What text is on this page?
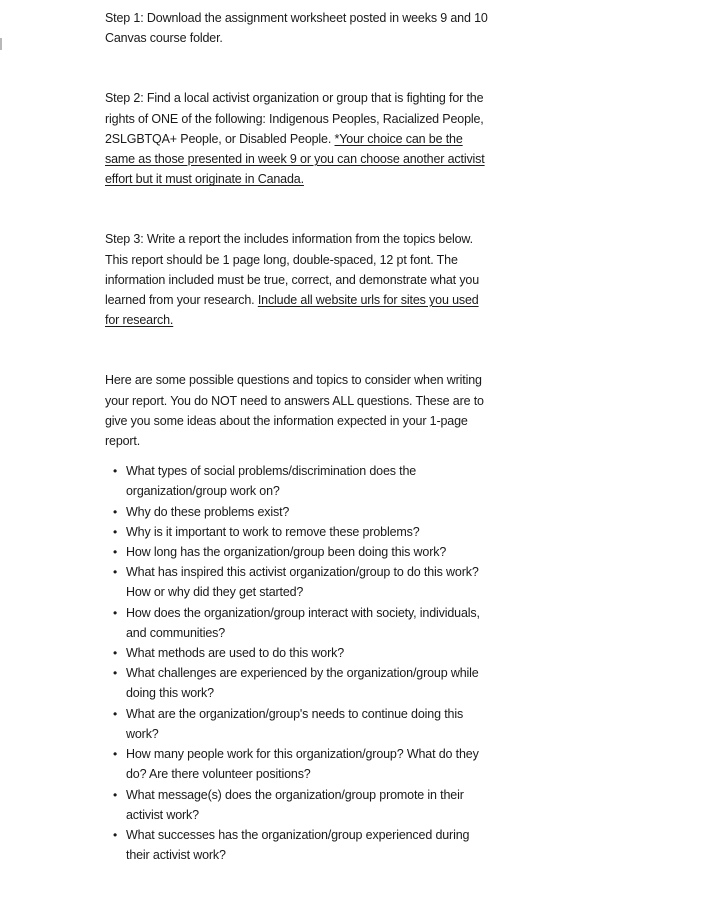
Step 1: Download the assignment worksheet posted in weeks 9 and 10 Canvas course folder.

Step 2: Find a local activist organization or group that is fighting for the rights of ONE of the following: Indigenous Peoples, Racialized People, 2SLGBTQA+ People, or Disabled People. *Your choice can be the same as those presented in week 9 or you can choose another activist effort but it must originate in Canada.

Step 3: Write a report the includes information from the topics below. This report should be 1 page long, double-spaced, 12 pt font. The information included must be true, correct, and demonstrate what you learned from your research. Include all website urls for sites you used for research.

Here are some possible questions and topics to consider when writing your report. You do NOT need to answers ALL questions. These are to give you some ideas about the information expected in your 1-page report.

• What types of social problems/discrimination does the organization/group work on?
• Why do these problems exist?
• Why is it important to work to remove these problems?
• How long has the organization/group been doing this work?
• What has inspired this activist organization/group to do this work? How or why did they get started?
• How does the organization/group interact with society, individuals, and communities?
• What methods are used to do this work?
• What challenges are experienced by the organization/group while doing this work?
• What are the organization/group's needs to continue doing this work?
• How many people work for this organization/group? What do they do? Are there volunteer positions?
• What message(s) does the organization/group promote in their activist work?
• What successes has the organization/group experienced during their activist work?
